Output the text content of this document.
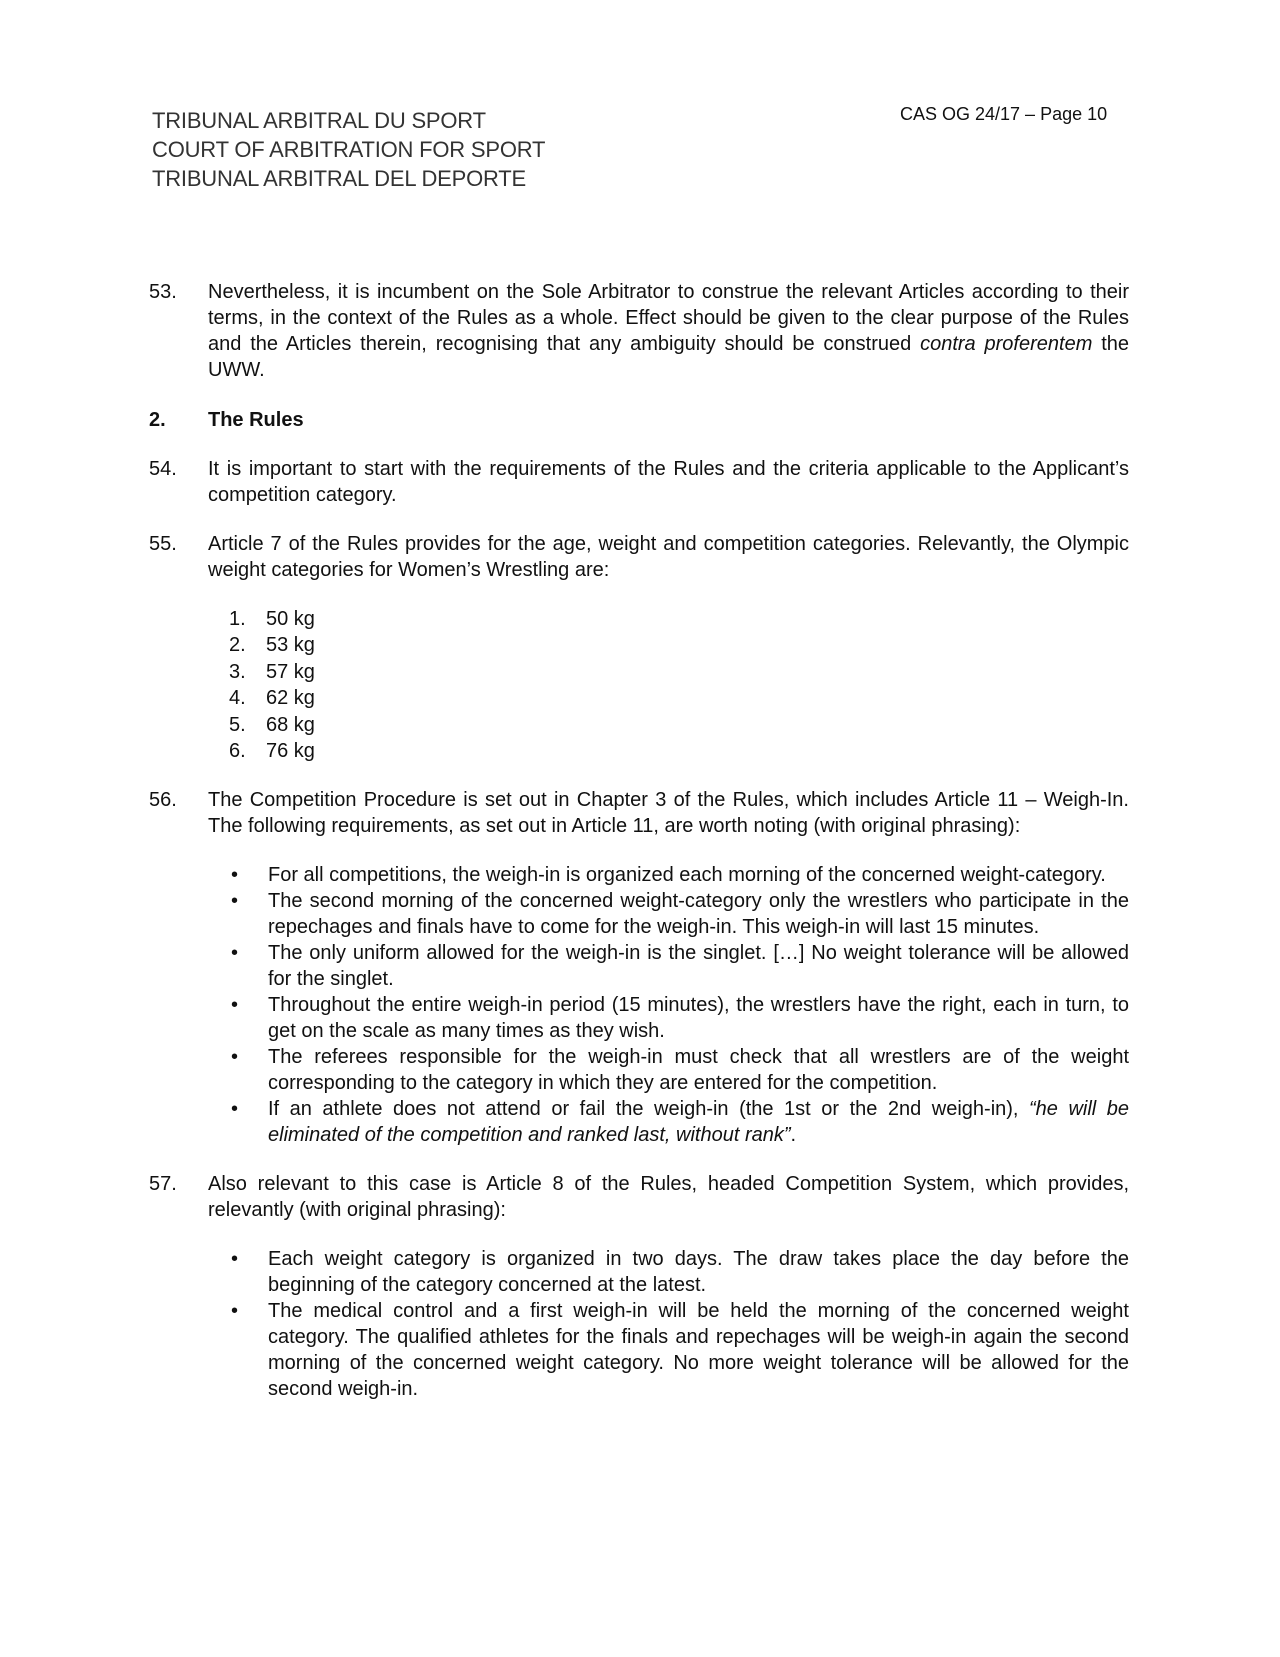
TRIBUNAL ARBITRAL DU SPORT
COURT OF ARBITRATION FOR SPORT
TRIBUNAL ARBITRAL DEL DEPORTE
CAS OG 24/17 – Page 10
53.	Nevertheless, it is incumbent on the Sole Arbitrator to construe the relevant Articles according to their terms, in the context of the Rules as a whole. Effect should be given to the clear purpose of the Rules and the Articles therein, recognising that any ambiguity should be construed contra proferentem the UWW.
2.	The Rules
54.	It is important to start with the requirements of the Rules and the criteria applicable to the Applicant’s competition category.
55.	Article 7 of the Rules provides for the age, weight and competition categories. Relevantly, the Olympic weight categories for Women’s Wrestling are:
1.	50 kg
2.	53 kg
3.	57 kg
4.	62 kg
5.	68 kg
6.	76 kg
56.	The Competition Procedure is set out in Chapter 3 of the Rules, which includes Article 11 – Weigh-In. The following requirements, as set out in Article 11, are worth noting (with original phrasing):
•	For all competitions, the weigh-in is organized each morning of the concerned weight-category.
•	The second morning of the concerned weight-category only the wrestlers who participate in the repechages and finals have to come for the weigh-in. This weigh-in will last 15 minutes.
•	The only uniform allowed for the weigh-in is the singlet. […] No weight tolerance will be allowed for the singlet.
•	Throughout the entire weigh-in period (15 minutes), the wrestlers have the right, each in turn, to get on the scale as many times as they wish.
•	The referees responsible for the weigh-in must check that all wrestlers are of the weight corresponding to the category in which they are entered for the competition.
•	If an athlete does not attend or fail the weigh-in (the 1st or the 2nd weigh-in), “he will be eliminated of the competition and ranked last, without rank”.
57.	Also relevant to this case is Article 8 of the Rules, headed Competition System, which provides, relevantly (with original phrasing):
•	Each weight category is organized in two days. The draw takes place the day before the beginning of the category concerned at the latest.
•	The medical control and a first weigh-in will be held the morning of the concerned weight category. The qualified athletes for the finals and repechages will be weigh-in again the second morning of the concerned weight category. No more weight tolerance will be allowed for the second weigh-in.
